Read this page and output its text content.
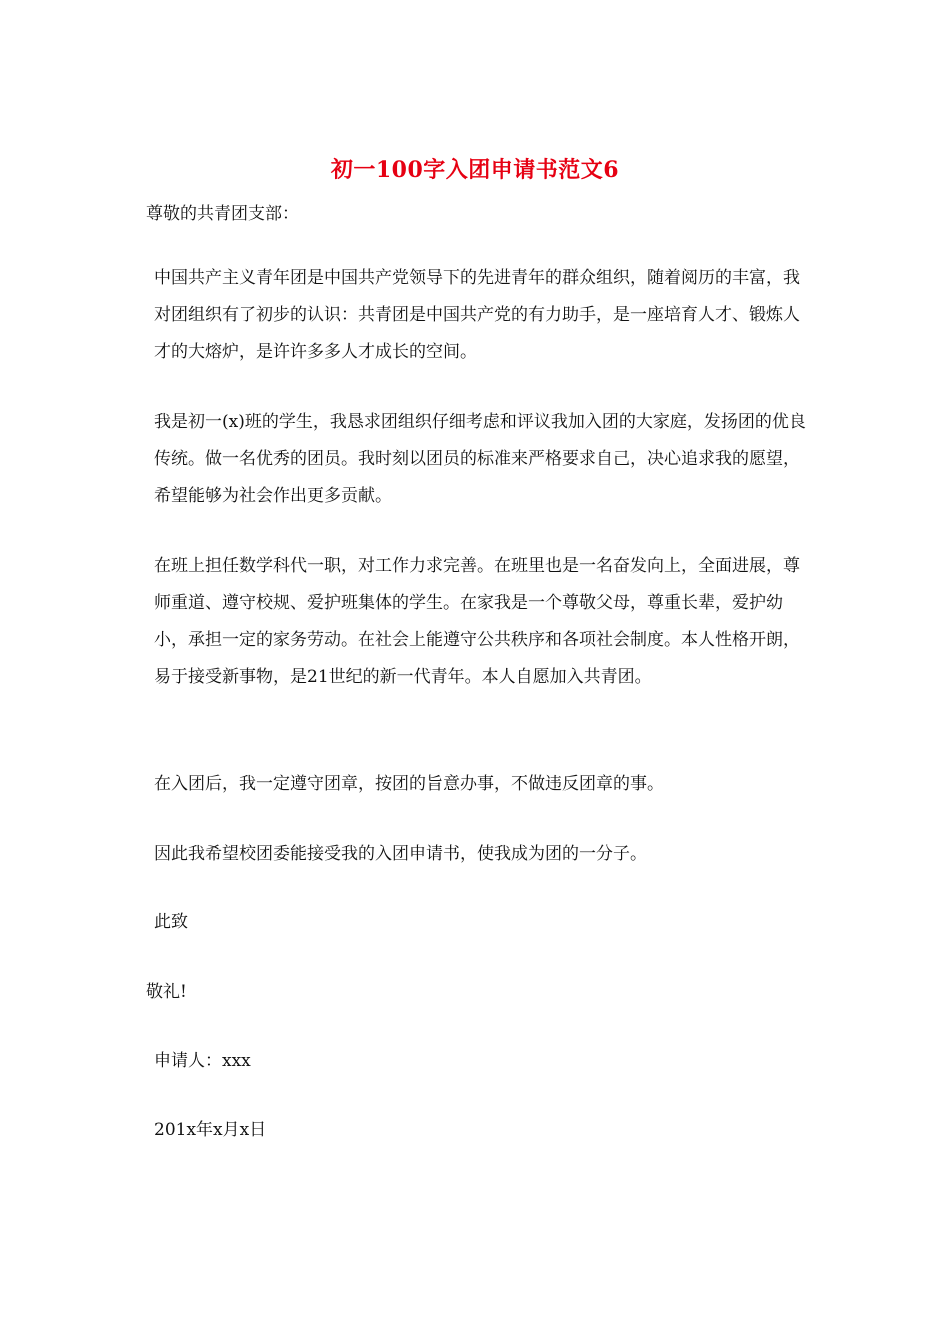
初一100字入团申请书范文6

尊敬的共青团支部：

中国共产主义青年团是中国共产党领导下的先进青年的群众组织，随着阅历的丰富，我对团组织有了初步的认识：共青团是中国共产党的有力助手，是一座培育人才、锻炼人才的大熔炉，是许许多多人才成长的空间。

我是初一(x)班的学生，我恳求团组织仔细考虑和评议我加入团的大家庭，发扬团的优良传统。做一名优秀的团员。我时刻以团员的标准来严格要求自己，决心追求我的愿望，希望能够为社会作出更多贡献。

在班上担任数学科代一职，对工作力求完善。在班里也是一名奋发向上，全面进展，尊师重道、遵守校规、爱护班集体的学生。在家我是一个尊敬父母，尊重长辈，爱护幼小，承担一定的家务劳动。在社会上能遵守公共秩序和各项社会制度。本人性格开朗，易于接受新事物，是21世纪的新一代青年。本人自愿加入共青团。

在入团后，我一定遵守团章，按团的旨意办事，不做违反团章的事。

因此我希望校团委能接受我的入团申请书，使我成为团的一分子。

此致

敬礼!

申请人：xxx

201x年x月x日
